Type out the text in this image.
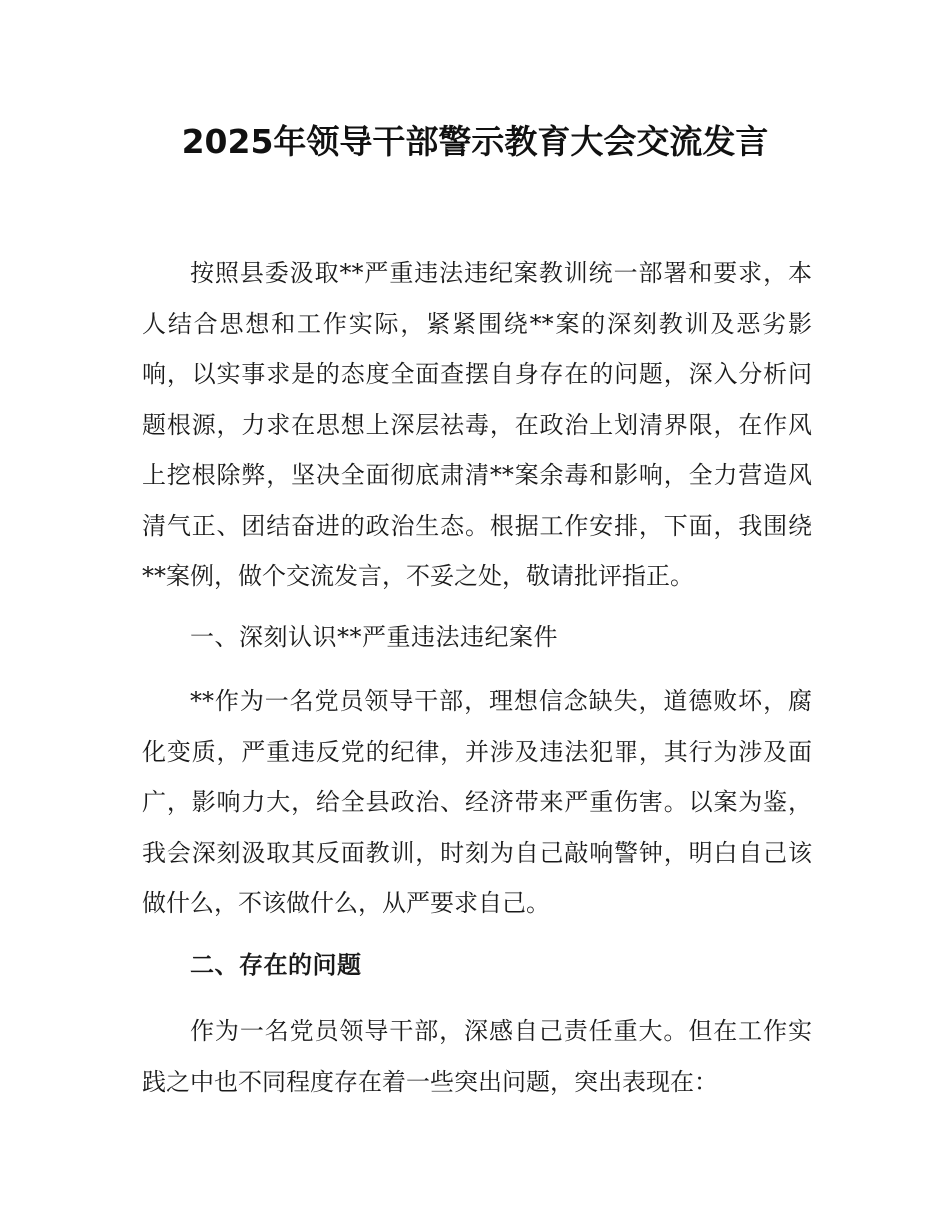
2025年领导干部警示教育大会交流发言

按照县委汲取**严重违法违纪案教训统一部署和要求，本人结合思想和工作实际，紧紧围绕**案的深刻教训及恶劣影响，以实事求是的态度全面查摆自身存在的问题，深入分析问题根源，力求在思想上深层祛毒，在政治上划清界限，在作风上挖根除弊，坚决全面彻底肃清**案余毒和影响，全力营造风清气正、团结奋进的政治生态。根据工作安排，下面，我围绕**案例，做个交流发言，不妥之处，敬请批评指正。

一、深刻认识**严重违法违纪案件

**作为一名党员领导干部，理想信念缺失，道德败坏，腐化变质，严重违反党的纪律，并涉及违法犯罪，其行为涉及面广，影响力大，给全县政治、经济带来严重伤害。以案为鉴，我会深刻汲取其反面教训，时刻为自己敲响警钟，明白自己该做什么，不该做什么，从严要求自己。

二、存在的问题

作为一名党员领导干部，深感自己责任重大。但在工作实践之中也不同程度存在着一些突出问题，突出表现在：
